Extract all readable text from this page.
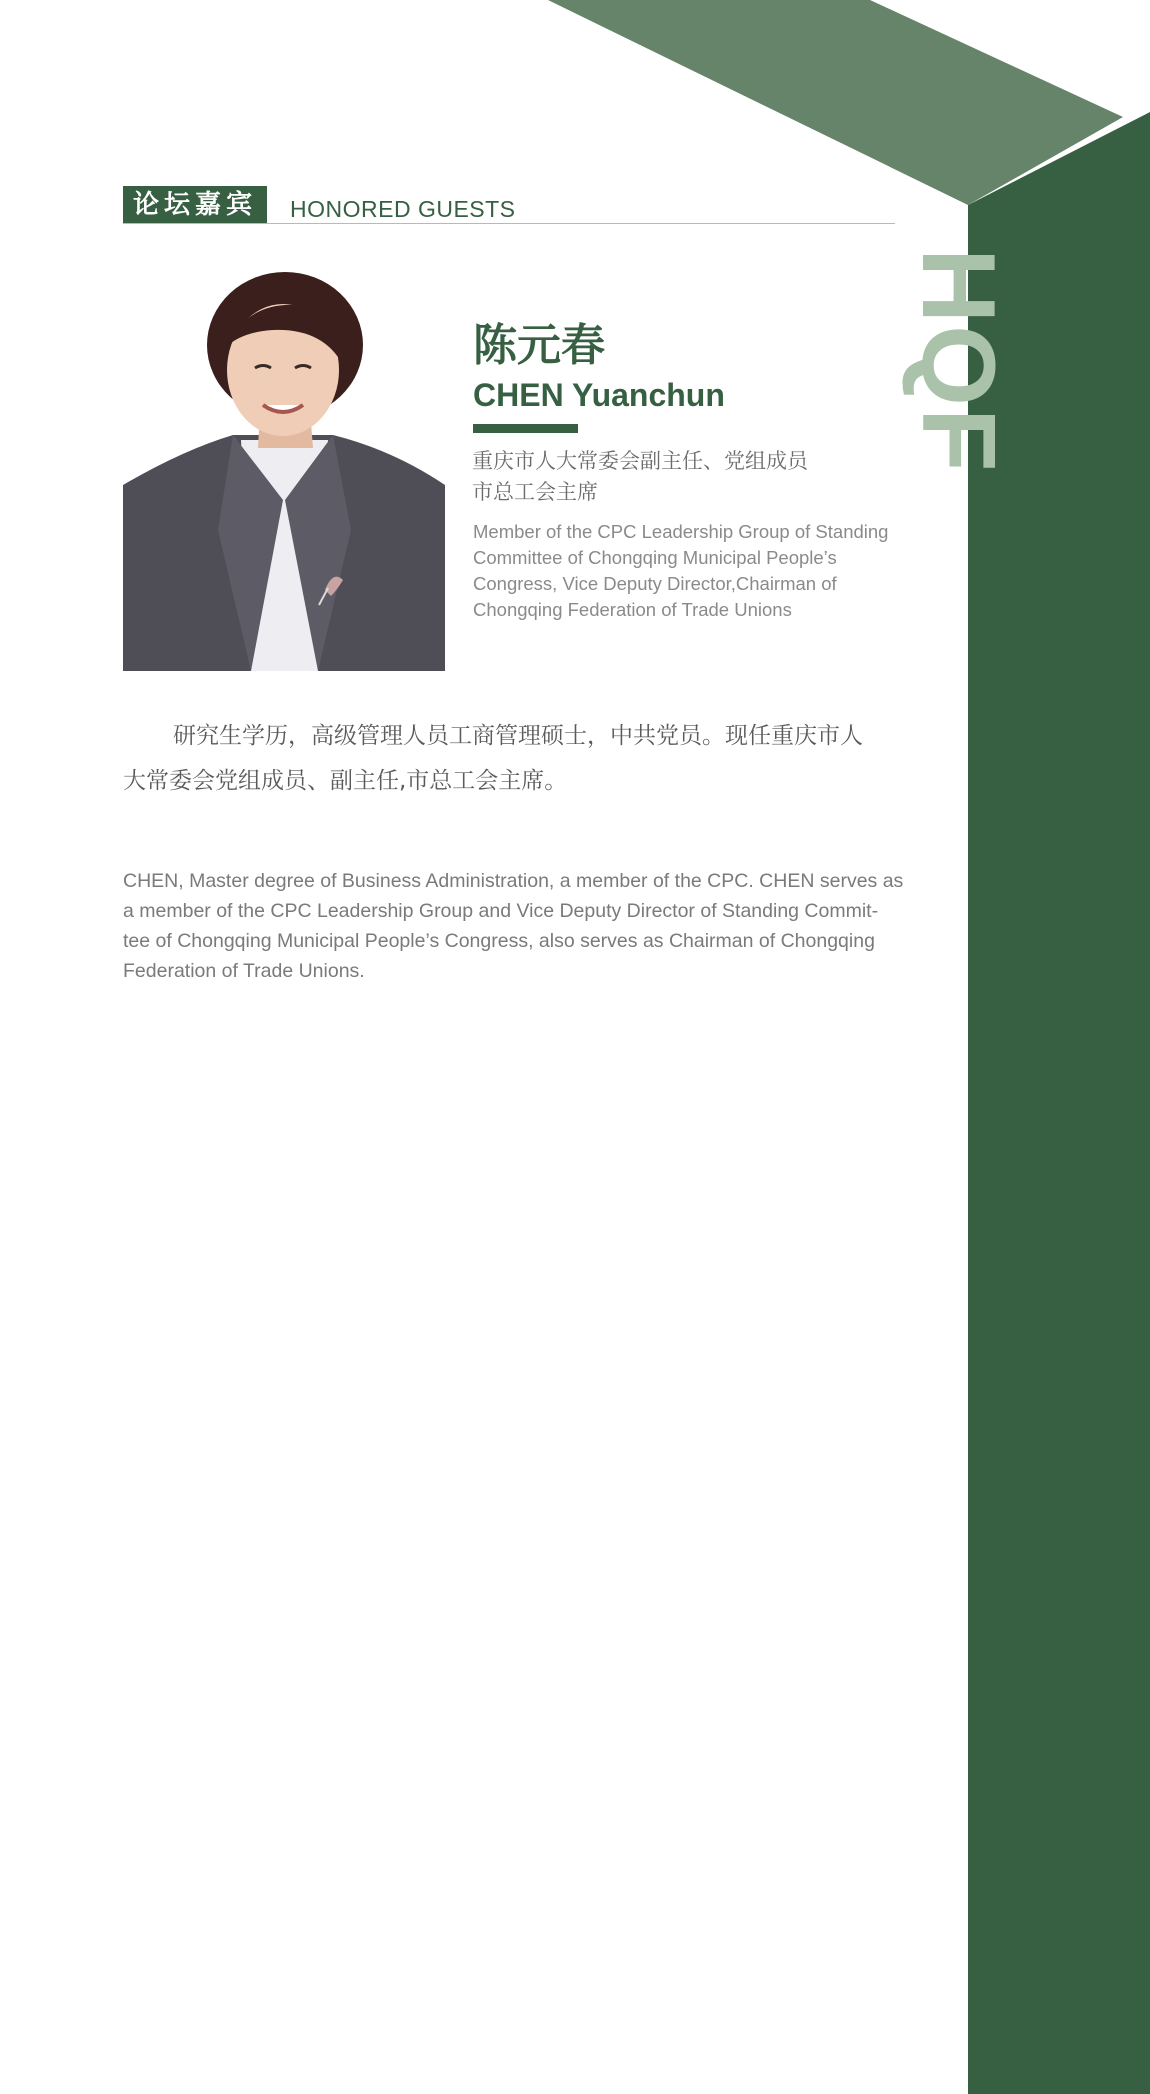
HQF
论坛嘉宾	HONORED GUESTS
陈元春
CHEN Yuanchun
重庆市人大常委会副主任、党组成员
市总工会主席
Member of the CPC Leadership Group of Standing
Committee of Chongqing Municipal People’s
Congress, Vice Deputy Director,Chairman of
Chongqing Federation of Trade Unions
研究生学历，高级管理人员工商管理硕士，中共党员。现任重庆市人
大常委会党组成员、副主任,市总工会主席。
CHEN, Master degree of Business Administration, a member of the CPC. CHEN serves as
a member of the CPC Leadership Group and Vice Deputy Director of Standing Commit-
tee of Chongqing Municipal People’s Congress, also serves as Chairman of Chongqing
Federation of Trade Unions.
